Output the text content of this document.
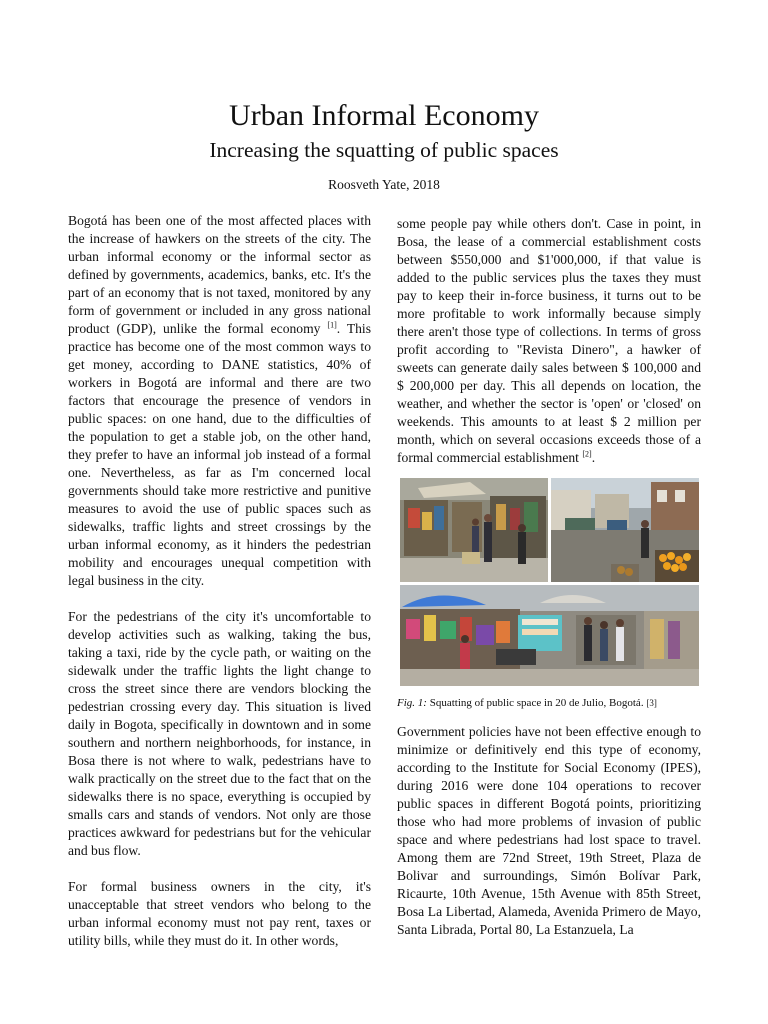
Urban Informal Economy
Increasing the squatting of public spaces
Roosveth Yate, 2018

Bogotá has been one of the most affected places with the increase of hawkers on the streets of the city. The urban informal economy or the informal sector as defined by governments, academics, banks, etc. It's the part of an economy that is not taxed, monitored by any form of government or included in any gross national product (GDP), unlike the formal economy [1]. This practice has become one of the most common ways to get money, according to DANE statistics, 40% of workers in Bogotá are informal and there are two factors that encourage the presence of vendors in public spaces: on one hand, due to the difficulties of the population to get a stable job, on the other hand, they prefer to have an informal job instead of a formal one. Nevertheless, as far as I'm concerned local governments should take more restrictive and punitive measures to avoid the use of public spaces such as sidewalks, traffic lights and street crossings by the urban informal economy, as it hinders the pedestrian mobility and encourages unequal competition with legal business in the city.

For the pedestrians of the city it's uncomfortable to develop activities such as walking, taking the bus, taking a taxi, ride by the cycle path, or waiting on the sidewalk under the traffic lights the light change to cross the street since there are vendors blocking the pedestrian crossing every day. This situation is lived daily in Bogota, specifically in downtown and in some southern and northern neighborhoods, for instance, in Bosa there is not where to walk, pedestrians have to walk practically on the street due to the fact that on the sidewalks there is no space, everything is occupied by smalls cars and stands of vendors. Not only are those practices awkward for pedestrians but for the vehicular and bus flow.

For formal business owners in the city, it's unacceptable that street vendors who belong to the urban informal economy must not pay rent, taxes or utility bills, while they must do it. In other words,

some people pay while others don't. Case in point, in Bosa, the lease of a commercial establishment costs between $550,000 and $1'000,000, if that value is added to the public services plus the taxes they must pay to keep their in-force business, it turns out to be more profitable to work informally because simply there aren't those type of collections. In terms of gross profit according to "Revista Dinero", a hawker of sweets can generate daily sales between $ 100,000 and $ 200,000 per day. This all depends on location, the weather, and whether the sector is 'open' or 'closed' on weekends. This amounts to at least $ 2 million per month, which on several occasions exceeds those of a formal commercial establishment [2].

Fig. 1: Squatting of public space in 20 de Julio, Bogotá. [3]

Government policies have not been effective enough to minimize or definitively end this type of economy, according to the Institute for Social Economy (IPES), during 2016 were done 104 operations to recover public spaces in different Bogotá points, prioritizing those who had more problems of invasion of public space and where pedestrians had lost space to travel. Among them are 72nd Street, 19th Street, Plaza de Bolivar and surroundings, Simón Bolívar Park, Ricaurte, 10th Avenue, 15th Avenue with 85th Street, Bosa La Libertad, Alameda, Avenida Primero de Mayo, Santa Librada, Portal 80, La Estanzuela, La
